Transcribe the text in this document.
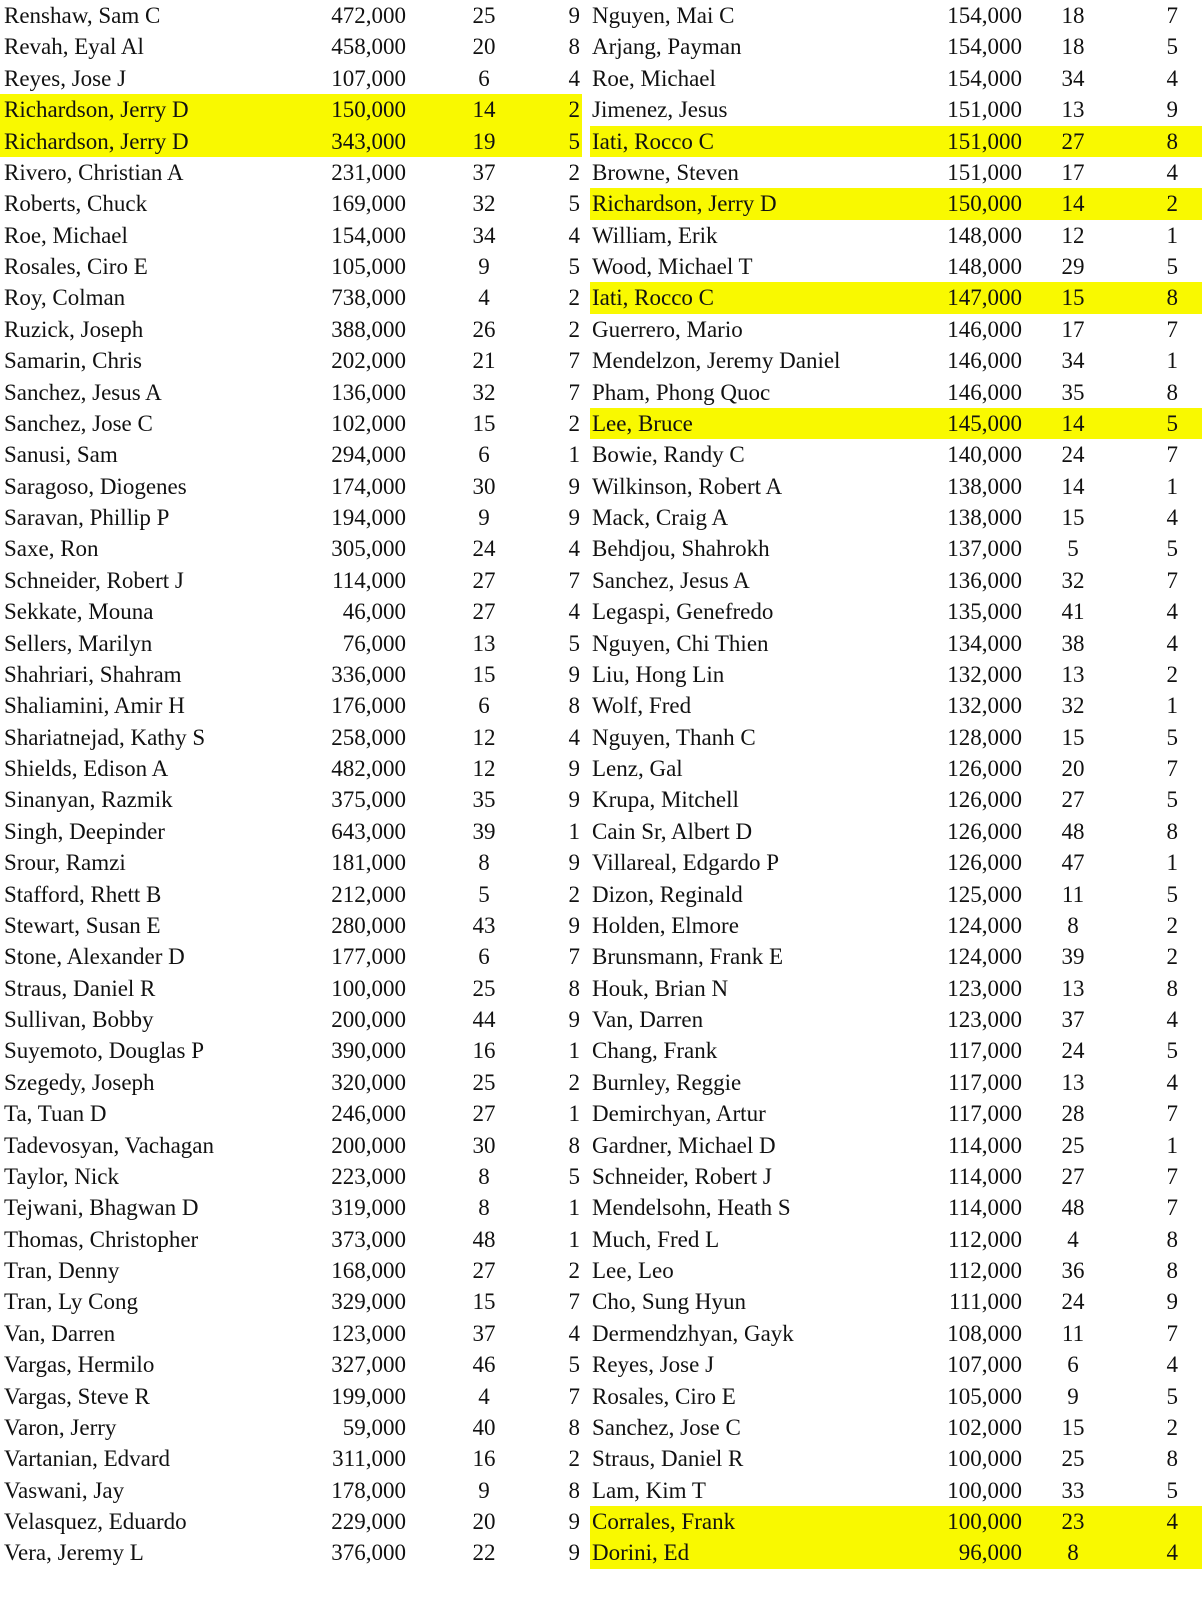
Renshaw, Sam C	472,000	25	9
Revah, Eyal Al	458,000	20	8
Reyes, Jose J	107,000	6	4
Richardson, Jerry D	150,000	14	2
Richardson, Jerry D	343,000	19	5
Rivero, Christian A	231,000	37	2
Roberts, Chuck	169,000	32	5
Roe, Michael	154,000	34	4
Rosales, Ciro E	105,000	9	5
Roy, Colman	738,000	4	2
Ruzick, Joseph	388,000	26	2
Samarin, Chris	202,000	21	7
Sanchez, Jesus A	136,000	32	7
Sanchez, Jose C	102,000	15	2
Sanusi, Sam	294,000	6	1
Saragoso, Diogenes	174,000	30	9
Saravan, Phillip P	194,000	9	9
Saxe, Ron	305,000	24	4
Schneider, Robert J	114,000	27	7
Sekkate, Mouna	46,000	27	4
Sellers, Marilyn	76,000	13	5
Shahriari, Shahram	336,000	15	9
Shaliamini, Amir H	176,000	6	8
Shariatnejad, Kathy S	258,000	12	4
Shields, Edison A	482,000	12	9
Sinanyan, Razmik	375,000	35	9
Singh, Deepinder	643,000	39	1
Srour, Ramzi	181,000	8	9
Stafford, Rhett B	212,000	5	2
Stewart, Susan E	280,000	43	9
Stone, Alexander D	177,000	6	7
Straus, Daniel R	100,000	25	8
Sullivan, Bobby	200,000	44	9
Suyemoto, Douglas P	390,000	16	1
Szegedy, Joseph	320,000	25	2
Ta, Tuan D	246,000	27	1
Tadevosyan, Vachagan	200,000	30	8
Taylor, Nick	223,000	8	5
Tejwani, Bhagwan D	319,000	8	1
Thomas, Christopher	373,000	48	1
Tran, Denny	168,000	27	2
Tran, Ly Cong	329,000	15	7
Van, Darren	123,000	37	4
Vargas, Hermilo	327,000	46	5
Vargas, Steve R	199,000	4	7
Varon, Jerry	59,000	40	8
Vartanian, Edvard	311,000	16	2
Vaswani, Jay	178,000	9	8
Velasquez, Eduardo	229,000	20	9
Vera, Jeremy L	376,000	22	9
Nguyen, Mai C	154,000	18	7
Arjang, Payman	154,000	18	5
Roe, Michael	154,000	34	4
Jimenez, Jesus	151,000	13	9
Iati, Rocco C	151,000	27	8
Browne, Steven	151,000	17	4
Richardson, Jerry D	150,000	14	2
William, Erik	148,000	12	1
Wood, Michael T	148,000	29	5
Iati, Rocco C	147,000	15	8
Guerrero, Mario	146,000	17	7
Mendelzon, Jeremy Daniel	146,000	34	1
Pham, Phong Quoc	146,000	35	8
Lee, Bruce	145,000	14	5
Bowie, Randy C	140,000	24	7
Wilkinson, Robert A	138,000	14	1
Mack, Craig A	138,000	15	4
Behdjou, Shahrokh	137,000	5	5
Sanchez, Jesus A	136,000	32	7
Legaspi, Genefredo	135,000	41	4
Nguyen, Chi Thien	134,000	38	4
Liu, Hong Lin	132,000	13	2
Wolf, Fred	132,000	32	1
Nguyen, Thanh C	128,000	15	5
Lenz, Gal	126,000	20	7
Krupa, Mitchell	126,000	27	5
Cain Sr, Albert D	126,000	48	8
Villareal, Edgardo P	126,000	47	1
Dizon, Reginald	125,000	11	5
Holden, Elmore	124,000	8	2
Brunsmann, Frank E	124,000	39	2
Houk, Brian N	123,000	13	8
Van, Darren	123,000	37	4
Chang, Frank	117,000	24	5
Burnley, Reggie	117,000	13	4
Demirchyan, Artur	117,000	28	7
Gardner, Michael D	114,000	25	1
Schneider, Robert J	114,000	27	7
Mendelsohn, Heath S	114,000	48	7
Much, Fred L	112,000	4	8
Lee, Leo	112,000	36	8
Cho, Sung Hyun	111,000	24	9
Dermendzhyan, Gayk	108,000	11	7
Reyes, Jose J	107,000	6	4
Rosales, Ciro E	105,000	9	5
Sanchez, Jose C	102,000	15	2
Straus, Daniel R	100,000	25	8
Lam, Kim T	100,000	33	5
Corrales, Frank	100,000	23	4
Dorini, Ed	96,000	8	4
